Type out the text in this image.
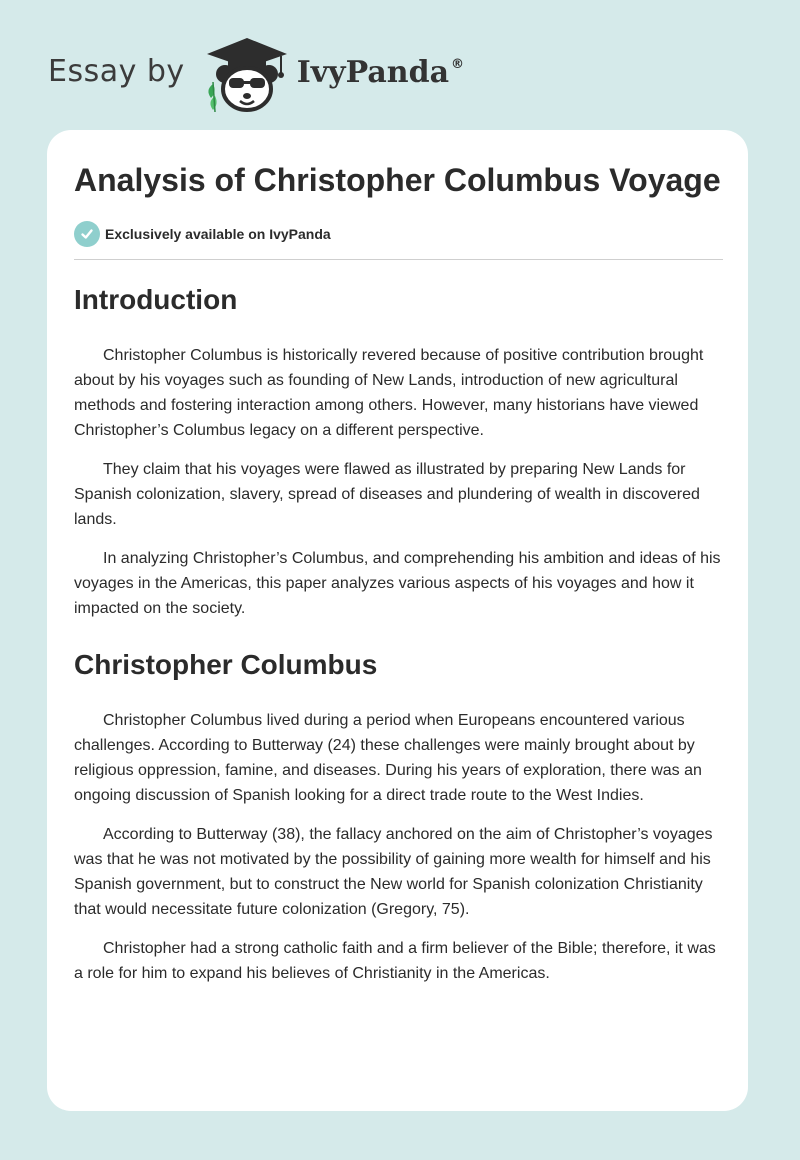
Essay by	IvyPanda ®
Analysis of Christopher Columbus Voyage
Exclusively available on IvyPanda
Introduction

Christopher Columbus is historically revered because of positive contribution brought about by his voyages such as founding of New Lands, introduction of new agricultural methods and fostering interaction among others. However, many historians have viewed Christopher’s Columbus legacy on a different perspective.

They claim that his voyages were flawed as illustrated by preparing New Lands for Spanish colonization, slavery, spread of diseases and plundering of wealth in discovered lands.

In analyzing Christopher’s Columbus, and comprehending his ambition and ideas of his voyages in the Americas, this paper analyzes various aspects of his voyages and how it impacted on the society.

Christopher Columbus

Christopher Columbus lived during a period when Europeans encountered various challenges. According to Butterway (24) these challenges were mainly brought about by religious oppression, famine, and diseases. During his years of exploration, there was an ongoing discussion of Spanish looking for a direct trade route to the West Indies.

According to Butterway (38), the fallacy anchored on the aim of Christopher’s voyages was that he was not motivated by the possibility of gaining more wealth for himself and his Spanish government, but to construct the New world for Spanish colonization Christianity that would necessitate future colonization (Gregory, 75).

Christopher had a strong catholic faith and a firm believer of the Bible; therefore, it was a role for him to expand his believes of Christianity in the Americas.
